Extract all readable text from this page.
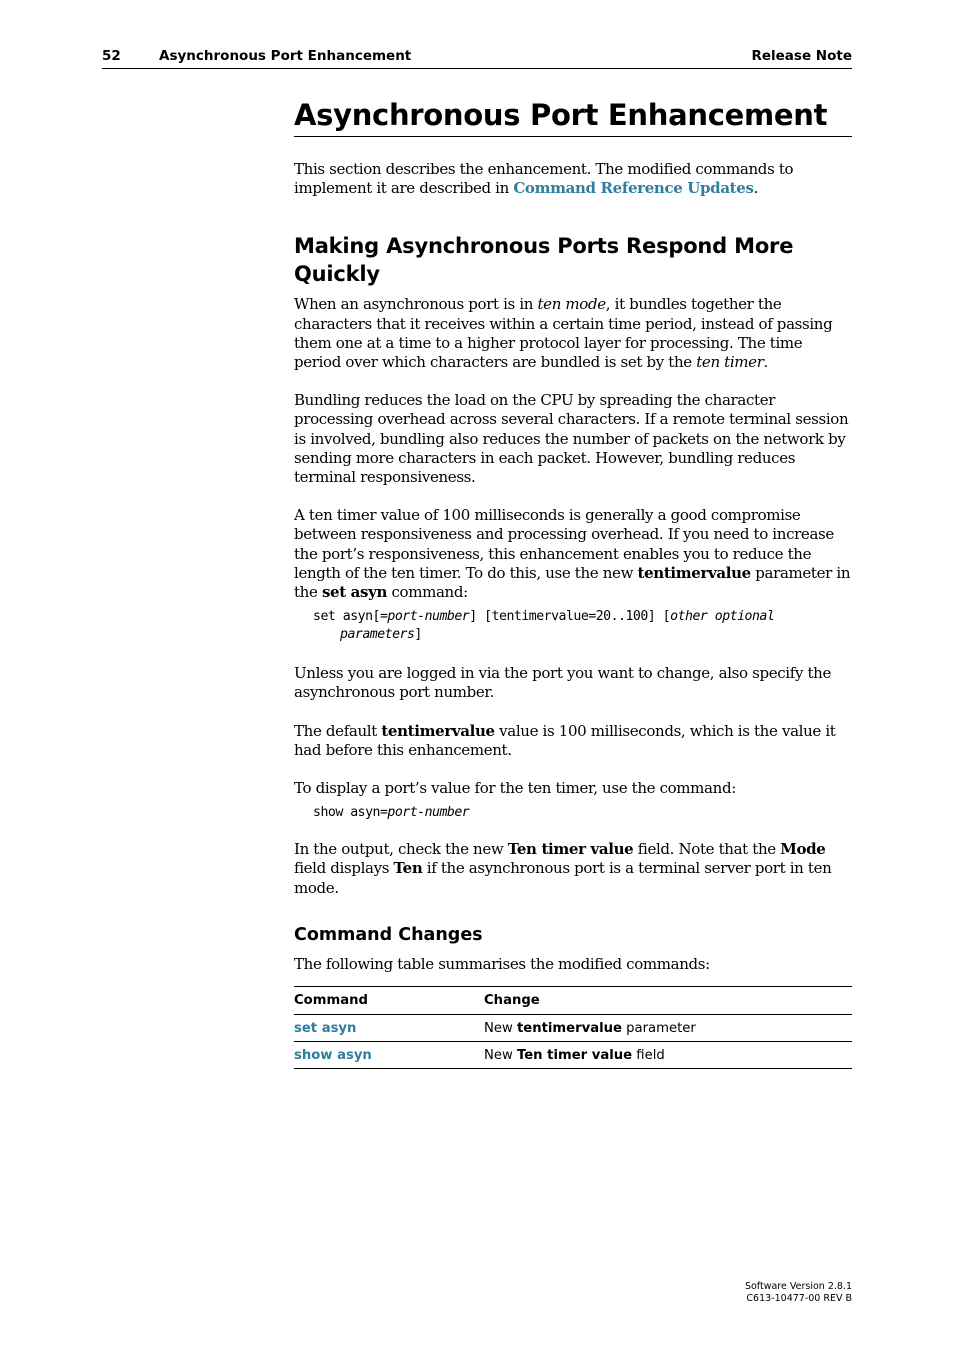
52	Asynchronous Port Enhancement	Release Note
Asynchronous Port Enhancement

This section describes the enhancement. The modified commands to implement it are described in Command Reference Updates.

Making Asynchronous Ports Respond More Quickly

When an asynchronous port is in ten mode, it bundles together the characters that it receives within a certain time period, instead of passing them one at a time to a higher protocol layer for processing. The time period over which characters are bundled is set by the ten timer.

Bundling reduces the load on the CPU by spreading the character processing overhead across several characters. If a remote terminal session is involved, bundling also reduces the number of packets on the network by sending more characters in each packet. However, bundling reduces terminal responsiveness.

A ten timer value of 100 milliseconds is generally a good compromise between responsiveness and processing overhead. If you need to increase the port’s responsiveness, this enhancement enables you to reduce the length of the ten timer. To do this, use the new tentimervalue parameter in the set asyn command:

set asyn[=port-number] [tentimervalue=20..100] [other optional
parameters]

Unless you are logged in via the port you want to change, also specify the asynchronous port number.

The default tentimervalue value is 100 milliseconds, which is the value it had before this enhancement.

To display a port’s value for the ten timer, use the command:

show asyn=port-number

In the output, check the new Ten timer value field. Note that the Mode field displays Ten if the asynchronous port is a terminal server port in ten mode.

Command Changes

The following table summarises the modified commands:

Command	Change
set asyn	New tentimervalue parameter
show asyn	New Ten timer value field
Software Version 2.8.1
C613-10477-00 REV B
